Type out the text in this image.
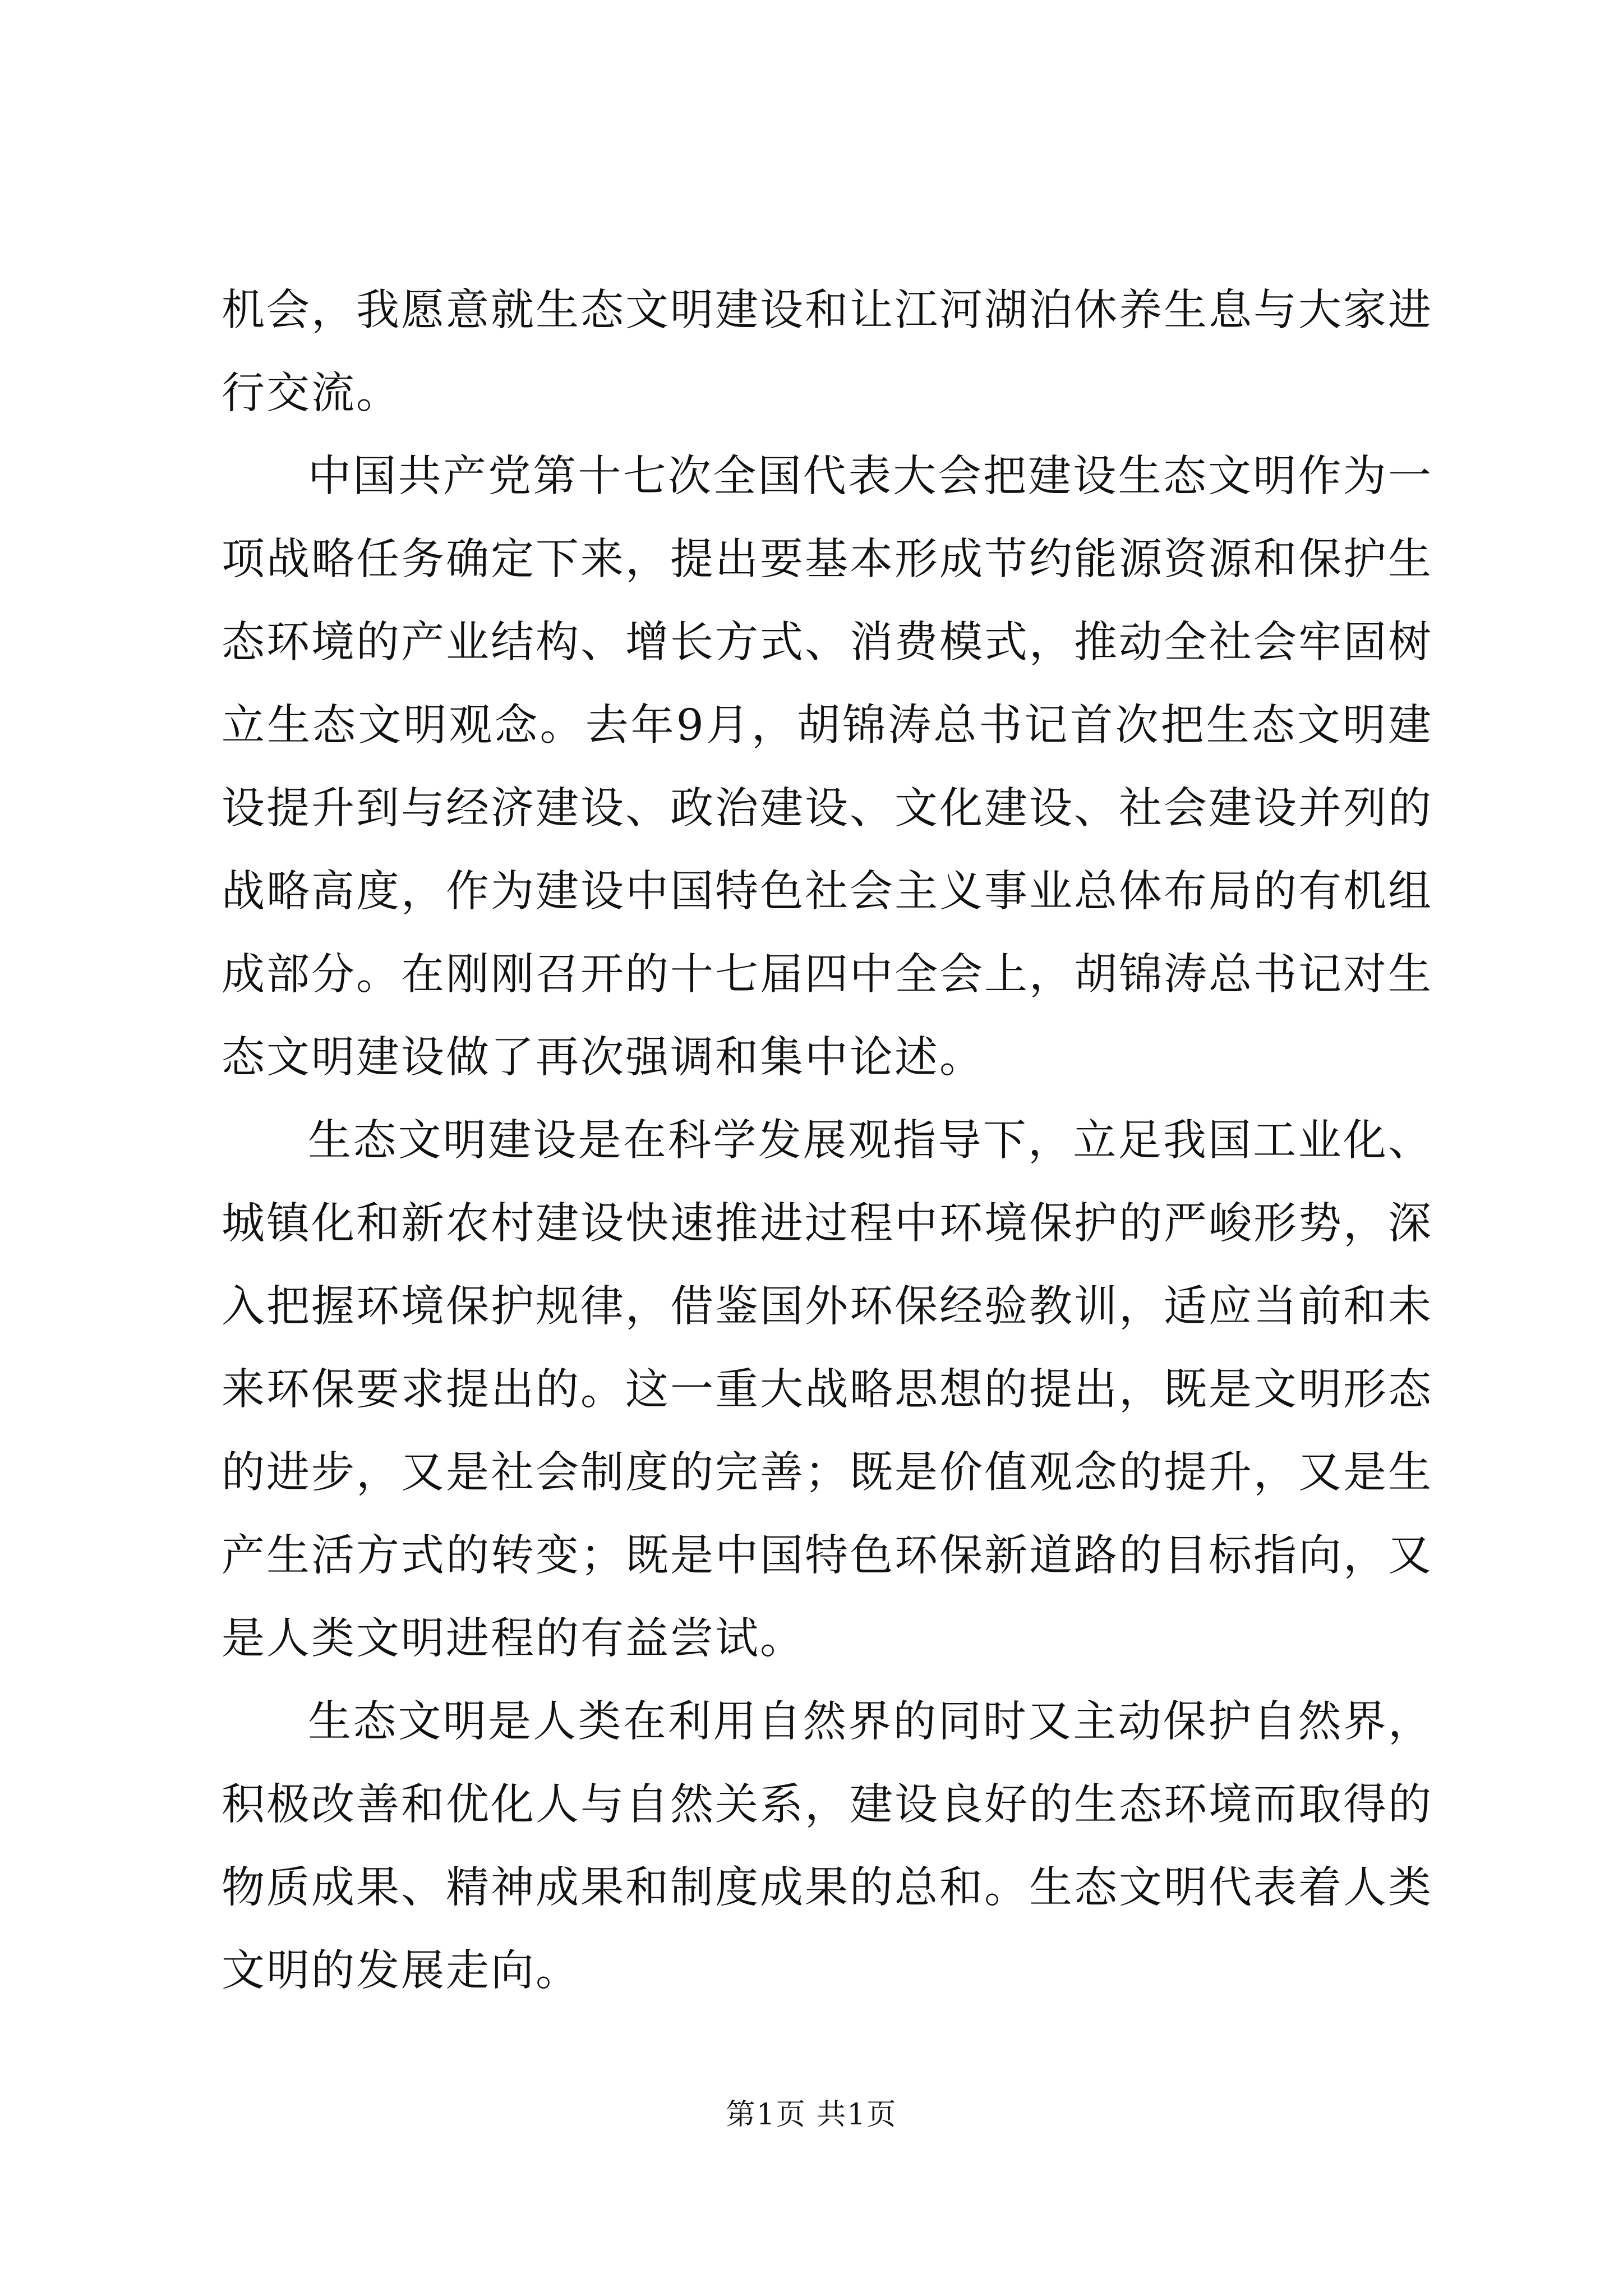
机会，我愿意就生态文明建设和让江河湖泊休养生息与大家进行交流。

中国共产党第十七次全国代表大会把建设生态文明作为一项战略任务确定下来，提出要基本形成节约能源资源和保护生态环境的产业结构、增长方式、消费模式，推动全社会牢固树立生态文明观念。去年9月，胡锦涛总书记首次把生态文明建设提升到与经济建设、政治建设、文化建设、社会建设并列的战略高度，作为建设中国特色社会主义事业总体布局的有机组成部分。在刚刚召开的十七届四中全会上，胡锦涛总书记对生态文明建设做了再次强调和集中论述。

生态文明建设是在科学发展观指导下，立足我国工业化、城镇化和新农村建设快速推进过程中环境保护的严峻形势，深入把握环境保护规律，借鉴国外环保经验教训，适应当前和未来环保要求提出的。这一重大战略思想的提出，既是文明形态的进步，又是社会制度的完善；既是价值观念的提升，又是生产生活方式的转变；既是中国特色环保新道路的目标指向，又是人类文明进程的有益尝试。

生态文明是人类在利用自然界的同时又主动保护自然界，积极改善和优化人与自然关系，建设良好的生态环境而取得的物质成果、精神成果和制度成果的总和。生态文明代表着人类文明的发展走向。

第1页 共1页
